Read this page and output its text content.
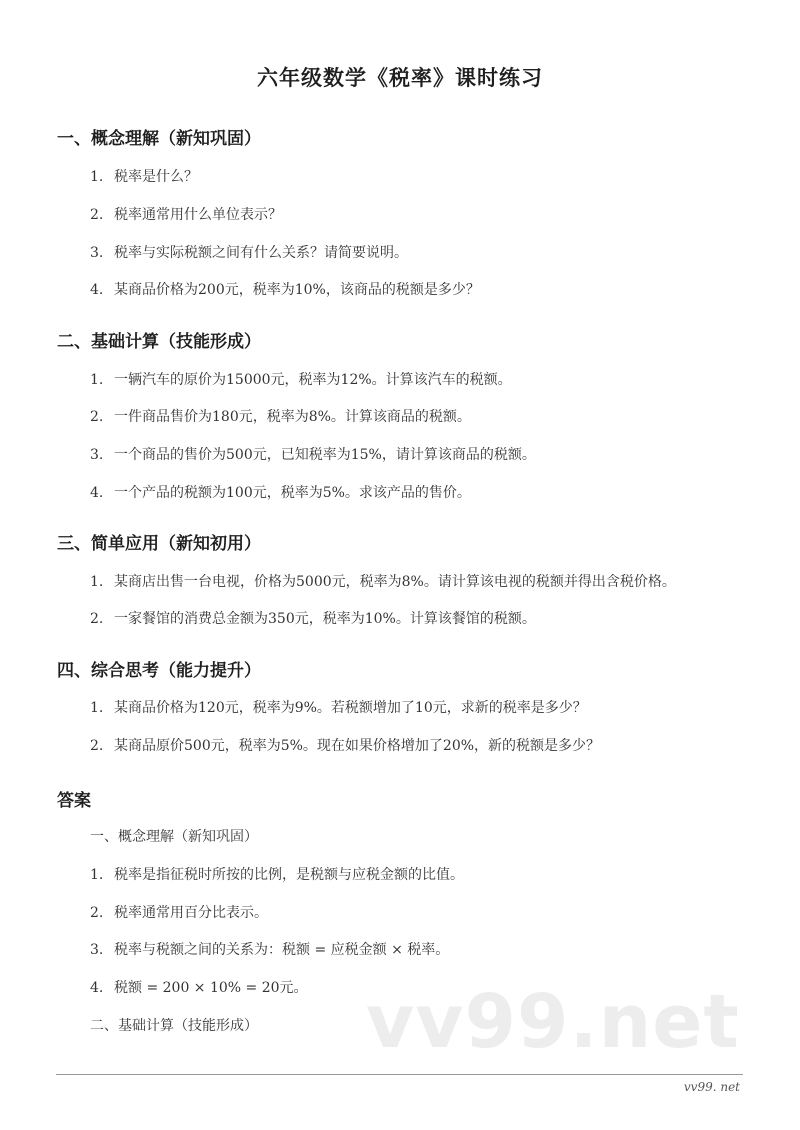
六年级数学《税率》课时练习
一、概念理解（新知巩固）
1. 税率是什么？
2. 税率通常用什么单位表示？
3. 税率与实际税额之间有什么关系？请简要说明。
4. 某商品价格为200元，税率为10%，该商品的税额是多少？
二、基础计算（技能形成）
1. 一辆汽车的原价为15000元，税率为12%。计算该汽车的税额。
2. 一件商品售价为180元，税率为8%。计算该商品的税额。
3. 一个商品的售价为500元，已知税率为15%，请计算该商品的税额。
4. 一个产品的税额为100元，税率为5%。求该产品的售价。
三、简单应用（新知初用）
1. 某商店出售一台电视，价格为5000元，税率为8%。请计算该电视的税额并得出含税价格。
2. 一家餐馆的消费总金额为350元，税率为10%。计算该餐馆的税额。
四、综合思考（能力提升）
1. 某商品价格为120元，税率为9%。若税额增加了10元，求新的税率是多少？
2. 某商品原价500元，税率为5%。现在如果价格增加了20%，新的税额是多少？
答案
一、概念理解（新知巩固）
1. 税率是指征税时所按的比例，是税额与应税金额的比值。
2. 税率通常用百分比表示。
3. 税率与税额之间的关系为：税额 = 应税金额 × 税率。
4. 税额 = 200 × 10% = 20元。
二、基础计算（技能形成） vv99.net
vv99. net
